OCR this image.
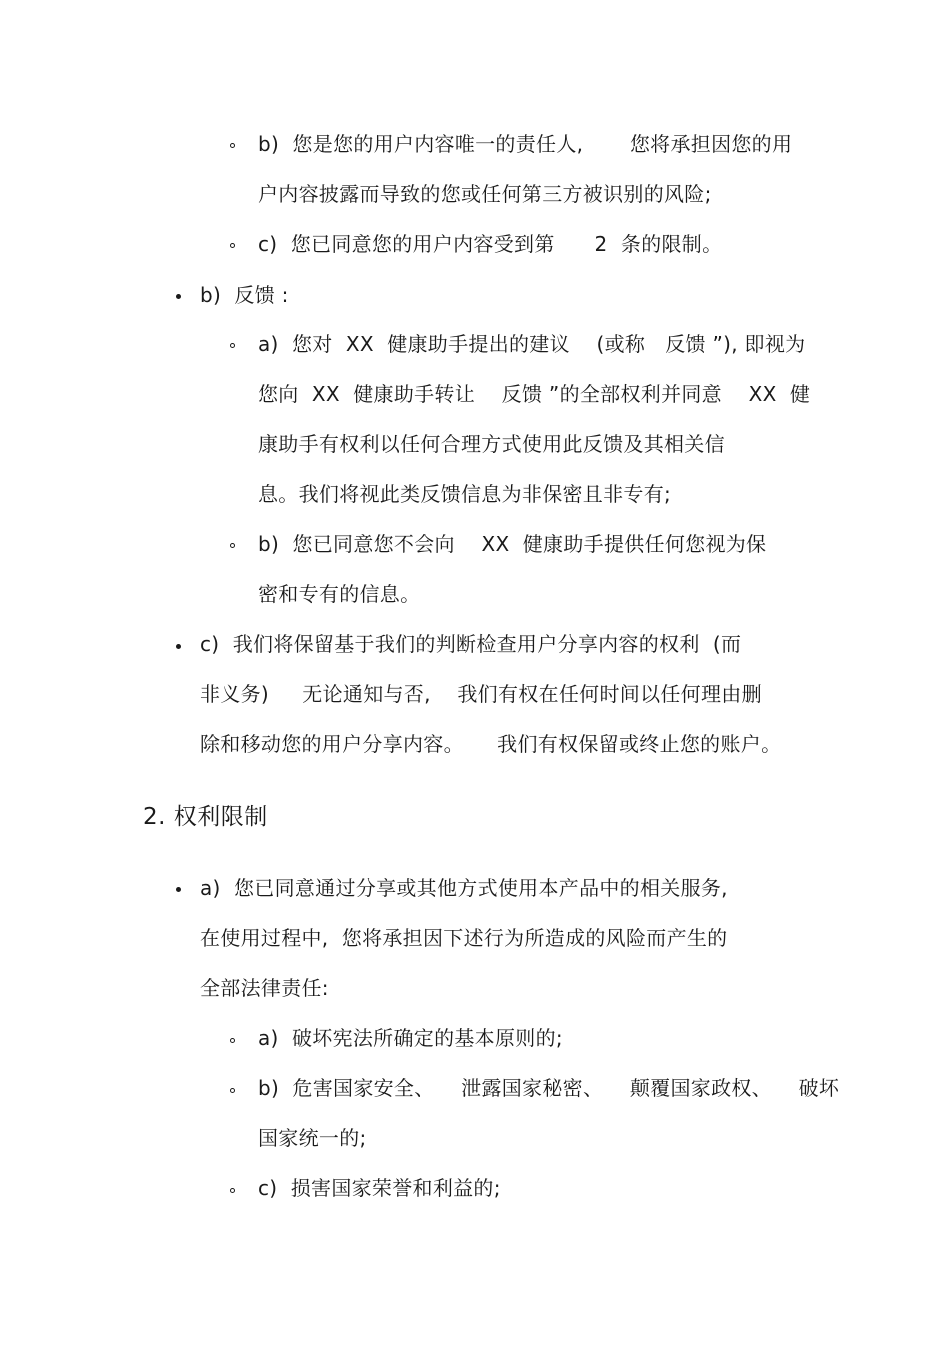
b)  您是您的用户内容唯一的责任人,       您将承担因您的用
户内容披露而导致的您或任何第三方被识别的风险;
c)  您已同意您的用户内容受到第      2  条的限制。
b)  反馈 :
a)  您对  XX  健康助手提出的建议    (或称   反馈 ”), 即视为
您向  XX  健康助手转让    反馈 ”的全部权利并同意    XX  健
康助手有权利以任何合理方式使用此反馈及其相关信
息。我们将视此类反馈信息为非保密且非专有;
b)  您已同意您不会向    XX  健康助手提供任何您视为保
密和专有的信息。
c)  我们将保留基于我们的判断检查用户分享内容的权利  (而
非义务)     无论通知与否,    我们有权在任何时间以任何理由删
除和移动您的用户分享内容。     我们有权保留或终止您的账户。
2. 权利限制
a)  您已同意通过分享或其他方式使用本产品中的相关服务,
在使用过程中,  您将承担因下述行为所造成的风险而产生的
全部法律责任:
a)  破坏宪法所确定的基本原则的;
b)  危害国家安全、    泄露国家秘密、    颠覆国家政权、    破坏
国家统一的;
c)  损害国家荣誉和利益的;
